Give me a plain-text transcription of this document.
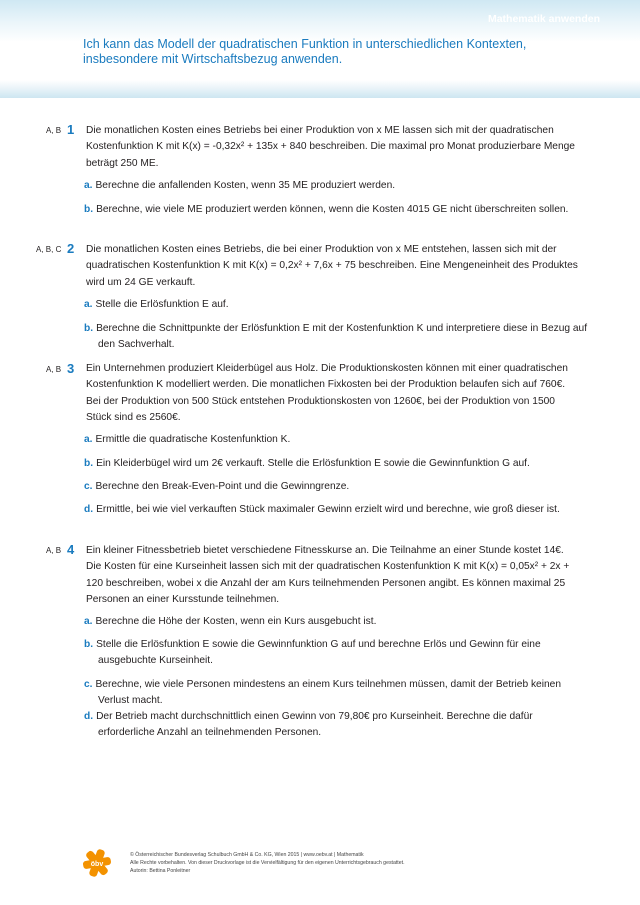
Mathematik anwenden
Ich kann das Modell der quadratischen Funktion in unterschiedlichen Kontexten, insbesondere mit Wirtschaftsbezug anwenden.
A, B 1 Die monatlichen Kosten eines Betriebs bei einer Produktion von x ME lassen sich mit der quadratischen Kostenfunktion K mit K(x) = -0,32x² + 135x + 840 beschreiben. Die maximal pro Monat produzierbare Menge beträgt 250 ME.
a. Berechne die anfallenden Kosten, wenn 35 ME produziert werden.
b. Berechne, wie viele ME produziert werden können, wenn die Kosten 4015 GE nicht überschreiten sollen.
A, B, C 2 Die monatlichen Kosten eines Betriebs, die bei einer Produktion von x ME entstehen, lassen sich mit der quadratischen Kostenfunktion K mit K(x) = 0,2x² + 7,6x + 75 beschreiben. Eine Mengeneinheit des Produktes wird um 24 GE verkauft.
a. Stelle die Erlösfunktion E auf.
b. Berechne die Schnittpunkte der Erlösfunktion E mit der Kostenfunktion K und interpretiere diese in Bezug auf den Sachverhalt.
A, B 3 Ein Unternehmen produziert Kleiderbügel aus Holz. Die Produktionskosten können mit einer quadratischen Kostenfunktion K modelliert werden. Die monatlichen Fixkosten bei der Produktion belaufen sich auf 760€. Bei der Produktion von 500 Stück entstehen Produktionskosten von 1260€, bei der Produktion von 1500 Stück sind es 2560€.
a. Ermittle die quadratische Kostenfunktion K.
b. Ein Kleiderbügel wird um 2€ verkauft. Stelle die Erlösfunktion E sowie die Gewinnfunktion G auf.
c. Berechne den Break-Even-Point und die Gewinngrenze.
d. Ermittle, bei wie viel verkauften Stück maximaler Gewinn erzielt wird und berechne, wie groß dieser ist.
A, B 4 Ein kleiner Fitnessbetrieb bietet verschiedene Fitnesskurse an. Die Teilnahme an einer Stunde kostet 14€. Die Kosten für eine Kurseinheit lassen sich mit der quadratischen Kostenfunktion K mit K(x) = 0,05x² + 2x + 120 beschreiben, wobei x die Anzahl der am Kurs teilnehmenden Personen angibt. Es können maximal 25 Personen an einer Kursstunde teilnehmen.
a. Berechne die Höhe der Kosten, wenn ein Kurs ausgebucht ist.
b. Stelle die Erlösfunktion E sowie die Gewinnfunktion G auf und berechne Erlös und Gewinn für eine ausgebuchte Kurseinheit.
c. Berechne, wie viele Personen mindestens an einem Kurs teilnehmen müssen, damit der Betrieb keinen Verlust macht.
d. Der Betrieb macht durchschnittlich einen Gewinn von 79,80€ pro Kurseinheit. Berechne die dafür erforderliche Anzahl an teilnehmenden Personen.
öbv
© Österreichischer Bundesverlag Schulbuch GmbH & Co. KG, Wien 2015 | www.oebv.at | Mathematik
Alle Rechte vorbehalten. Von dieser Druckvorlage ist die Vervielfältigung für den eigenen Unterrichtsgebrauch gestattet.
Autorin: Bettina Ponleitner
